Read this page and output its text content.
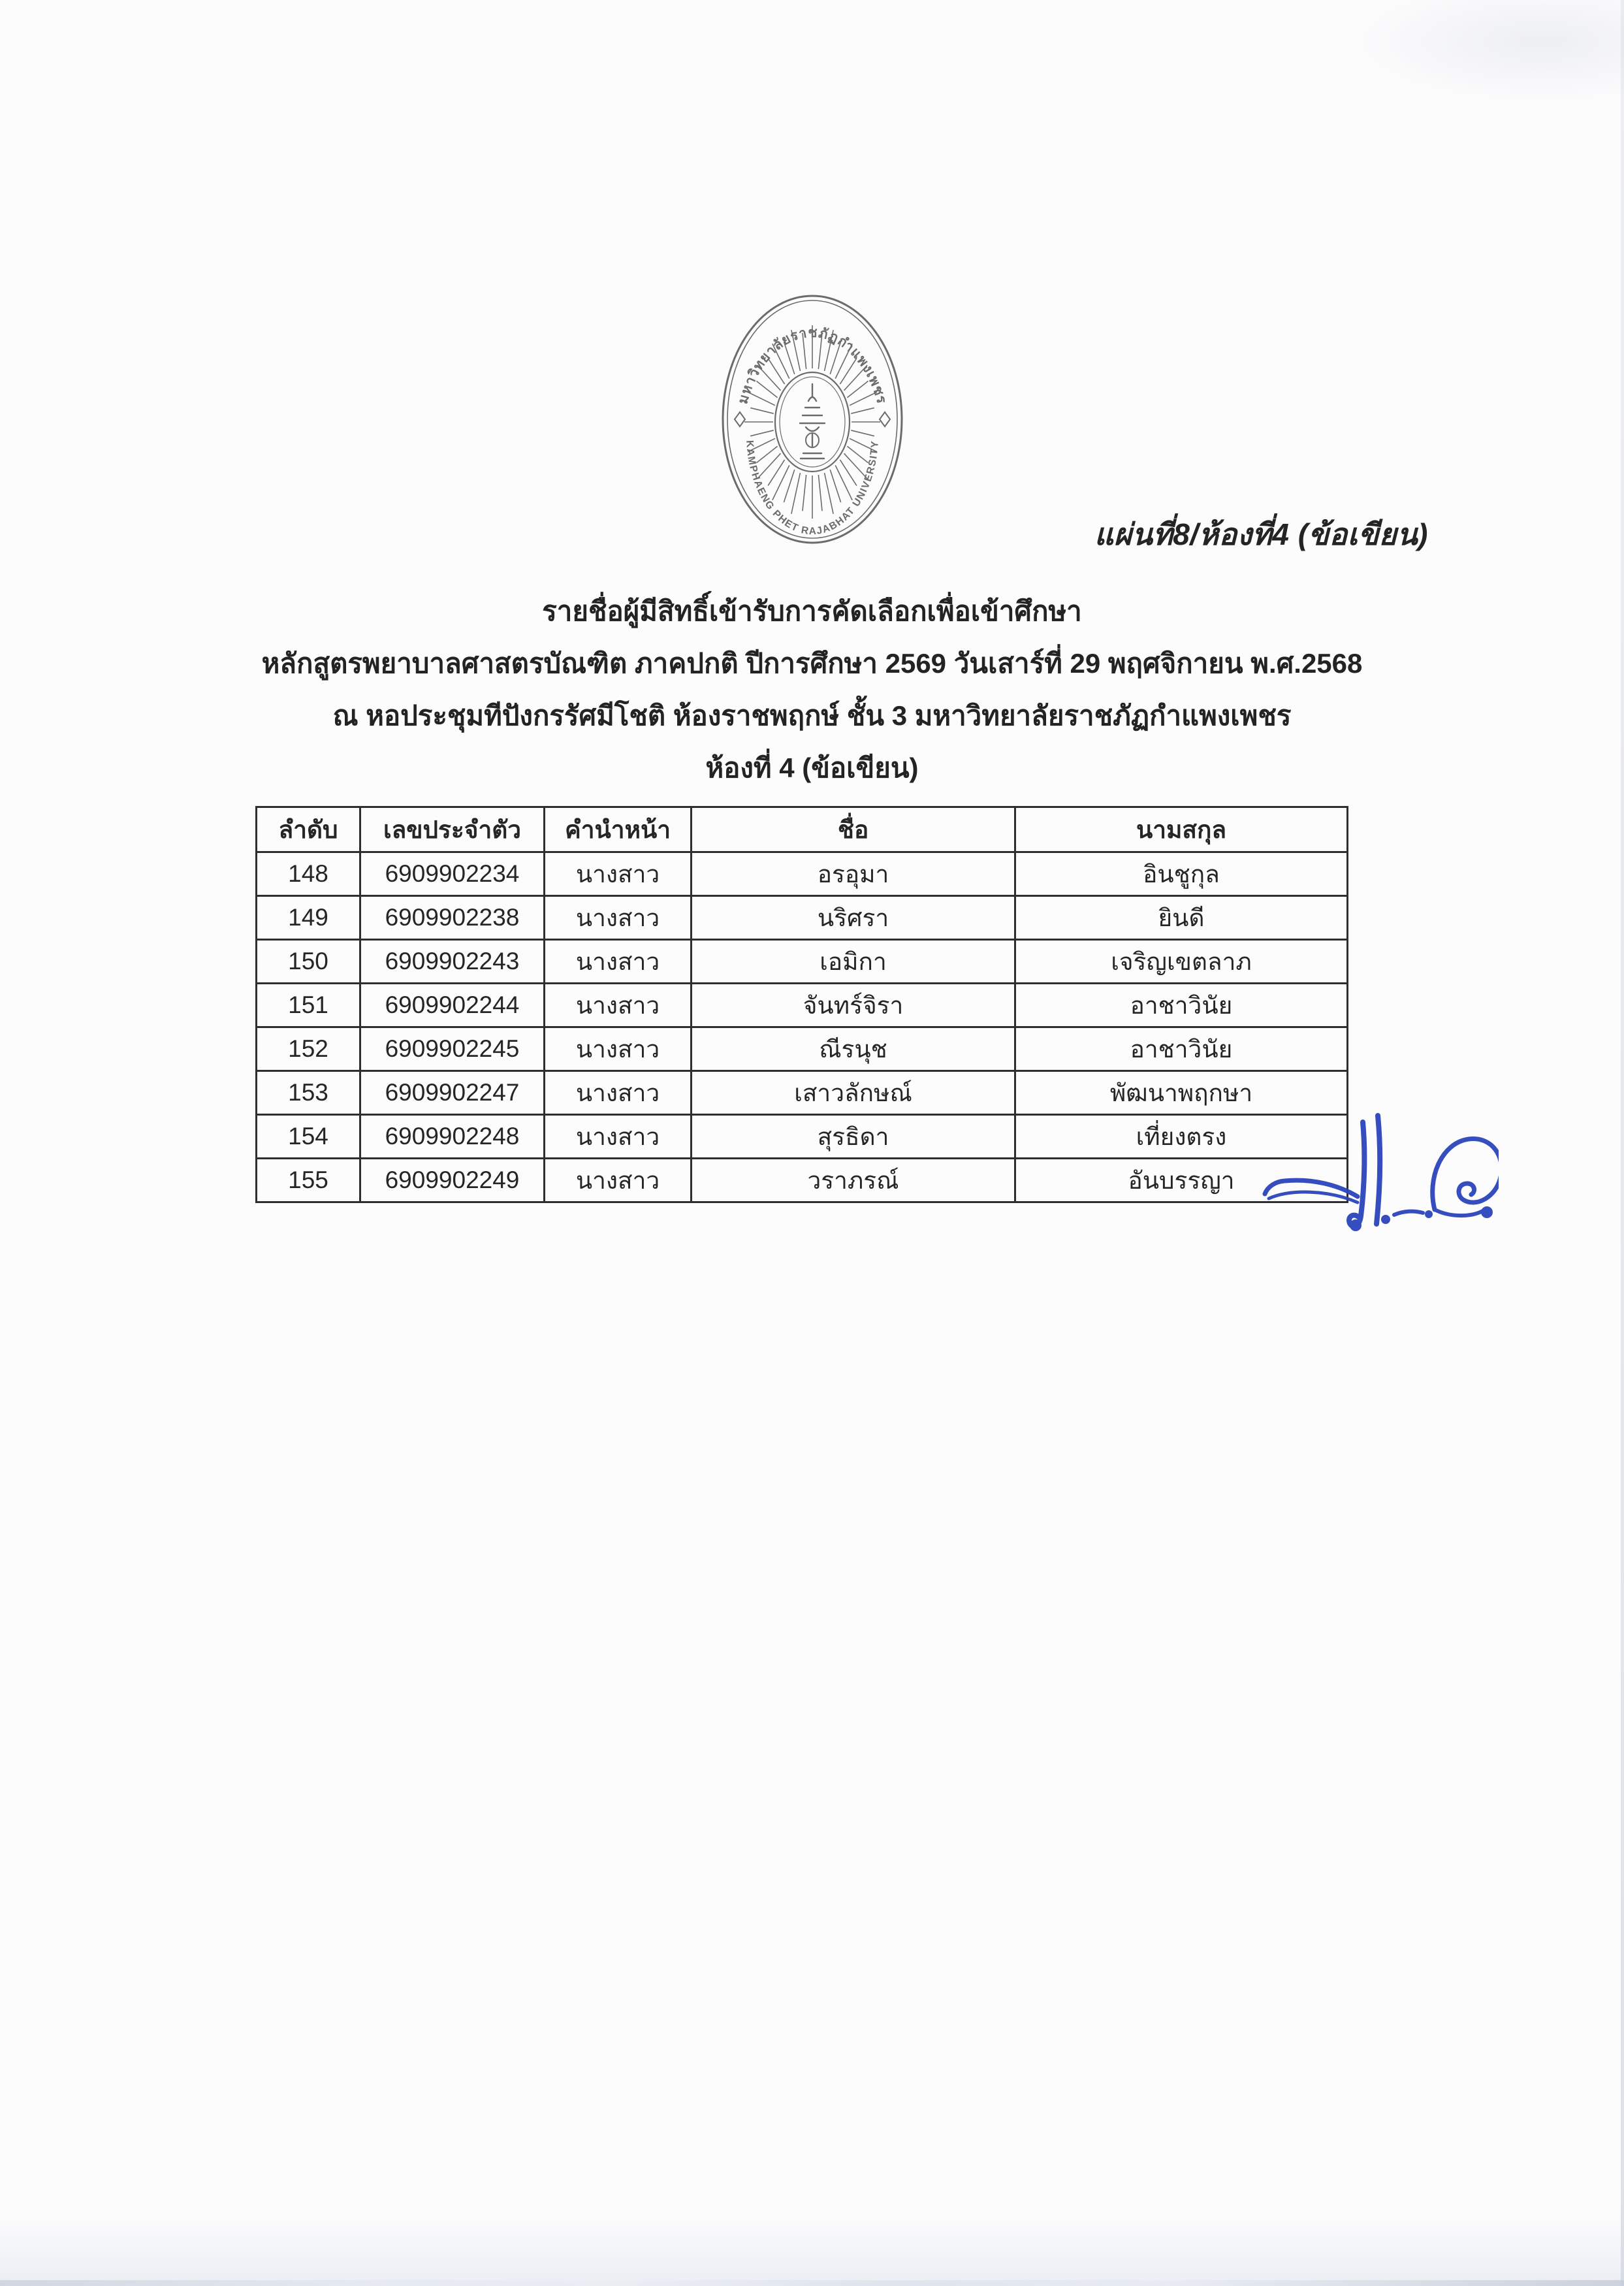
มหาวิทยาลัยราชภัฏกำแพงเพชร
KAMPHAENG PHET RAJABHAT UNIVERSITY
แผ่นที่8/ห้องที่4 (ข้อเขียน)
รายชื่อผู้มีสิทธิ์เข้ารับการคัดเลือกเพื่อเข้าศึกษา
หลักสูตรพยาบาลศาสตรบัณฑิต ภาคปกติ ปีการศึกษา 2569 วันเสาร์ที่ 29 พฤศจิกายน พ.ศ.2568
ณ หอประชุมทีปังกรรัศมีโชติ ห้องราชพฤกษ์ ชั้น 3 มหาวิทยาลัยราชภัฏกำแพงเพชร
ห้องที่ 4 (ข้อเขียน)
ลำดับ	เลขประจำตัว	คำนำหน้า	ชื่อ	นามสกุล
148	6909902234	นางสาว	อรอุมา	อินชูกุล
149	6909902238	นางสาว	นริศรา	ยินดี
150	6909902243	นางสาว	เอมิกา	เจริญเขตลาภ
151	6909902244	นางสาว	จันทร์จิรา	อาชาวินัย
152	6909902245	นางสาว	ณีรนุช	อาชาวินัย
153	6909902247	นางสาว	เสาวลักษณ์	พัฒนาพฤกษา
154	6909902248	นางสาว	สุรธิดา	เที่ยงตรง
155	6909902249	นางสาว	วราภรณ์	อันบรรญา
